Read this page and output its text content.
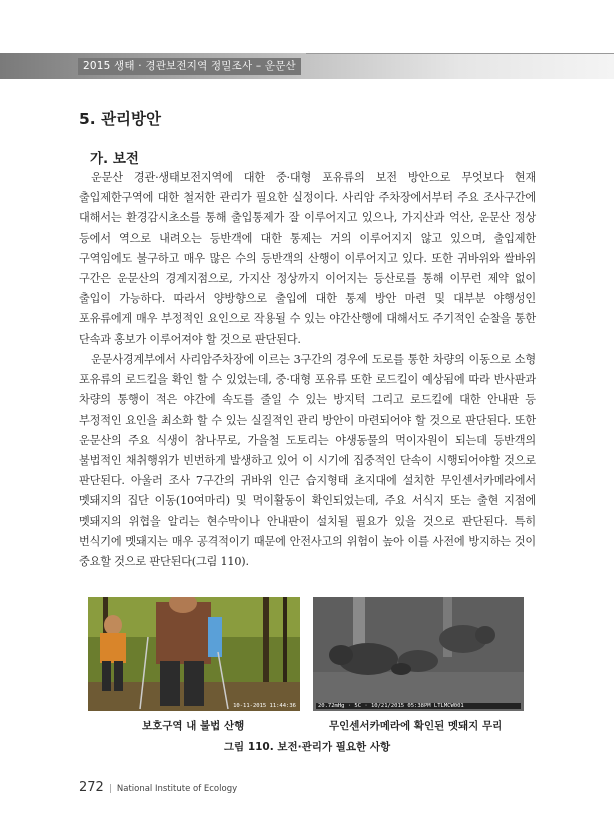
2015 생태 · 경관보전지역 정밀조사 – 운문산
5. 관리방안
가. 보전
운문산 경관·생태보전지역에 대한 중·대형 포유류의 보전 방안으로 무엇보다 현재 출입제한구역에 대한 철저한 관리가 필요한 실정이다. 사리암 주차장에서부터 주요 조사구간에 대해서는 환경감시초소를 통해 출입통제가 잘 이루어지고 있으나, 가지산과 억산, 운문산 정상 등에서 역으로 내려오는 등반객에 대한 통제는 거의 이루어지지 않고 있으며, 출입제한 구역임에도 불구하고 매우 많은 수의 등반객의 산행이 이루어지고 있다. 또한 귀바위와 쌀바위 구간은 운문산의 경계지점으로, 가지산 정상까지 이어지는 등산로를 통해 이무런 제약 없이 출입이 가능하다. 따라서 양방향으로 출입에 대한 통제 방안 마련 및 대부분 야행성인 포유류에게 매우 부정적인 요인으로 작용될 수 있는 야간산행에 대해서도 주기적인 순찰을 통한 단속과 홍보가 이루어져야 할 것으로 판단된다.
운문사경계부에서 사리암주차장에 이르는 3구간의 경우에 도로를 통한 차량의 이동으로 소형 포유류의 로드킬을 확인 할 수 있었는데, 중·대형 포유류 또한 로드킬이 예상됨에 따라 반사판과 차량의 통행이 적은 야간에 속도를 줄일 수 있는 방지턱 그리고 로드킬에 대한 안내판 등 부정적인 요인을 최소화 할 수 있는 실질적인 관리 방안이 마련되어야 할 것으로 판단된다. 또한 운문산의 주요 식생이 참나무로, 가을철 도토리는 야생동물의 먹이자원이 되는데 등반객의 불법적인 채취행위가 빈번하게 발생하고 있어 이 시기에 집중적인 단속이 시행되어야할 것으로 판단된다. 아울러 조사 7구간의 귀바위 인근 습지형태 초지대에 설치한 무인센서카메라에서 멧돼지의 집단 이동(10여마리) 및 먹이활동이 확인되었는데, 주요 서식지 또는 출현 지점에 멧돼지의 위협을 알리는 현수막이나 안내판이 설치될 필요가 있을 것으로 판단된다. 특히 번식기에 멧돼지는 매우 공격적이기 때문에 안전사고의 위험이 높아 이를 사전에 방지하는 것이 중요할 것으로 판단된다(그림 110).
10-11-2015 11:44:36	20.72mHg · 5C · 10/21/2015 05:38PM LTLMCW001
보호구역 내 불법 산행	무인센서카메라에 확인된 멧돼지 무리
그림 110. 보전·관리가 필요한 사항
272 | National Institute of Ecology
